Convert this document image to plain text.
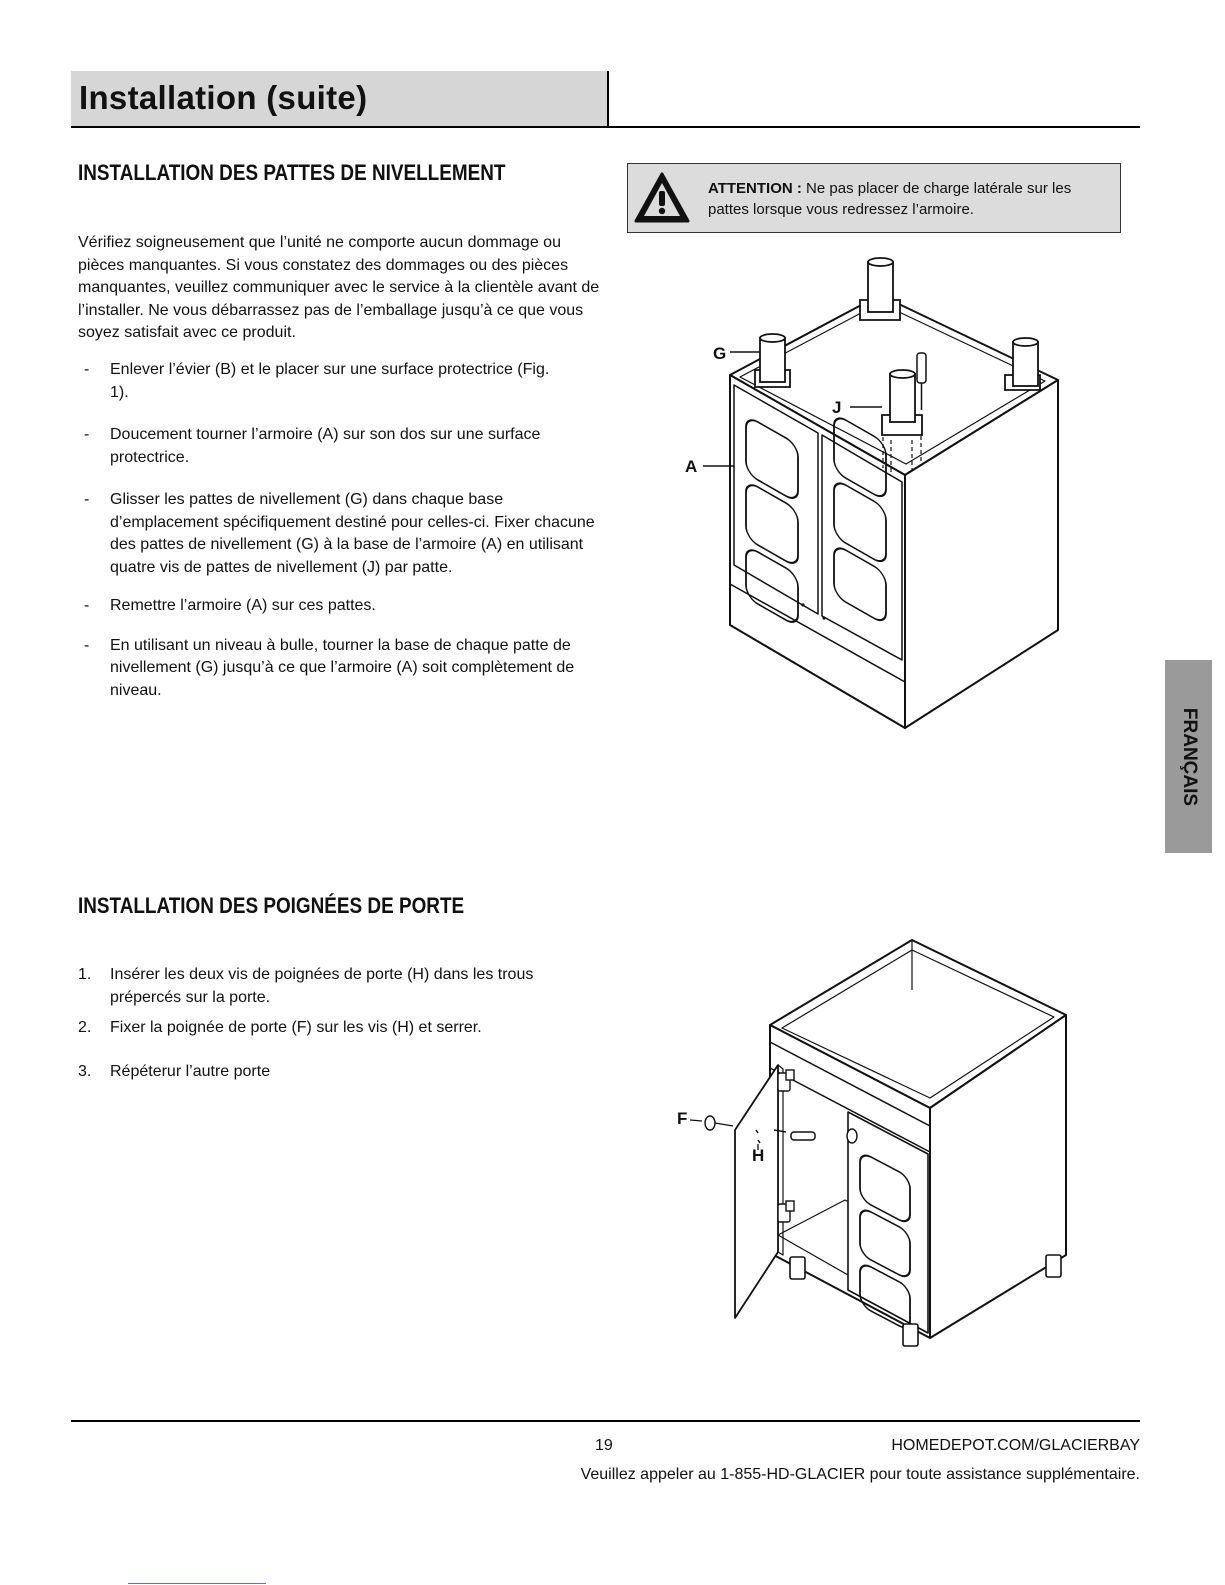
Installation (suite)
INSTALLATION DES PATTES DE NIVELLEMENT

Vérifiez soigneusement que l’unité ne comporte aucun dommage ou pièces manquantes. Si vous constatez des dommages ou des pièces manquantes, veuillez communiquer avec le service à la clientèle avant de l’installer. Ne vous débarrassez pas de l’emballage jusqu’à ce que vous soyez satisfait avec ce produit.

- Enlever l’évier (B) et le placer sur une surface protectrice (Fig. 1).
- Doucement tourner l’armoire (A) sur son dos sur une surface protectrice.
- Glisser les pattes de nivellement (G) dans chaque base d’emplacement spécifiquement destiné pour celles-ci. Fixer chacune des pattes de nivellement (G) à la base de l’armoire (A) en utilisant quatre vis de pattes de nivellement (J) par patte.
- Remettre l’armoire (A) sur ces pattes.
- En utilisant un niveau à bulle, tourner la base de chaque patte de nivellement (G) jusqu’à ce que l’armoire (A) soit complètement de niveau.
ATTENTION : Ne pas placer de charge latérale sur les pattes lorsque vous redressez l’armoire.
G
J
A
INSTALLATION DES POIGNÉES DE PORTE
1. Insérer les deux vis de poignées de porte (H) dans les trous prépercés sur la porte.
2. Fixer la poignée de porte (F) sur les vis (H) et serrer.
3. Répéterur l’autre porte
F
H
FRANÇAIS
19	HOMEDEPOT.COM/GLACIERBAY
Veuillez appeler au 1-855-HD-GLACIER pour toute assistance supplémentaire.
